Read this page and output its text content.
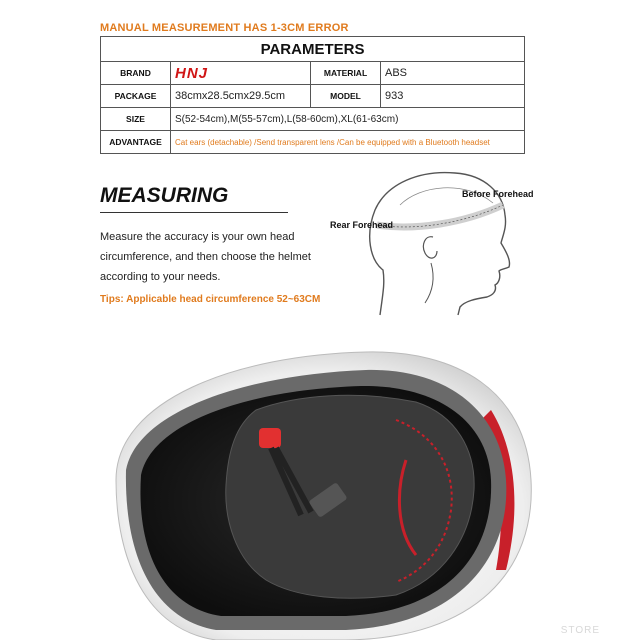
MANUAL MEASUREMENT HAS 1-3CM ERROR
PARAMETERS			
BRAND	HNJ	MATERIAL	ABS
PACKAGE	38cmx28.5cmx29.5cm	MODEL	933
SIZE	S(52-54cm),M(55-57cm),L(58-60cm),XL(61-63cm)		
ADVANTAGE	Cat ears (detachable) /Send transparent lens /Can be equipped with a Bluetooth headset		
MEASURING
Measure the accuracy is your own head circumference, and then choose the helmet according to your needs.
Tips: Applicable head circumference 52~63CM
Rear Forehead
Before Forehead
STORE
